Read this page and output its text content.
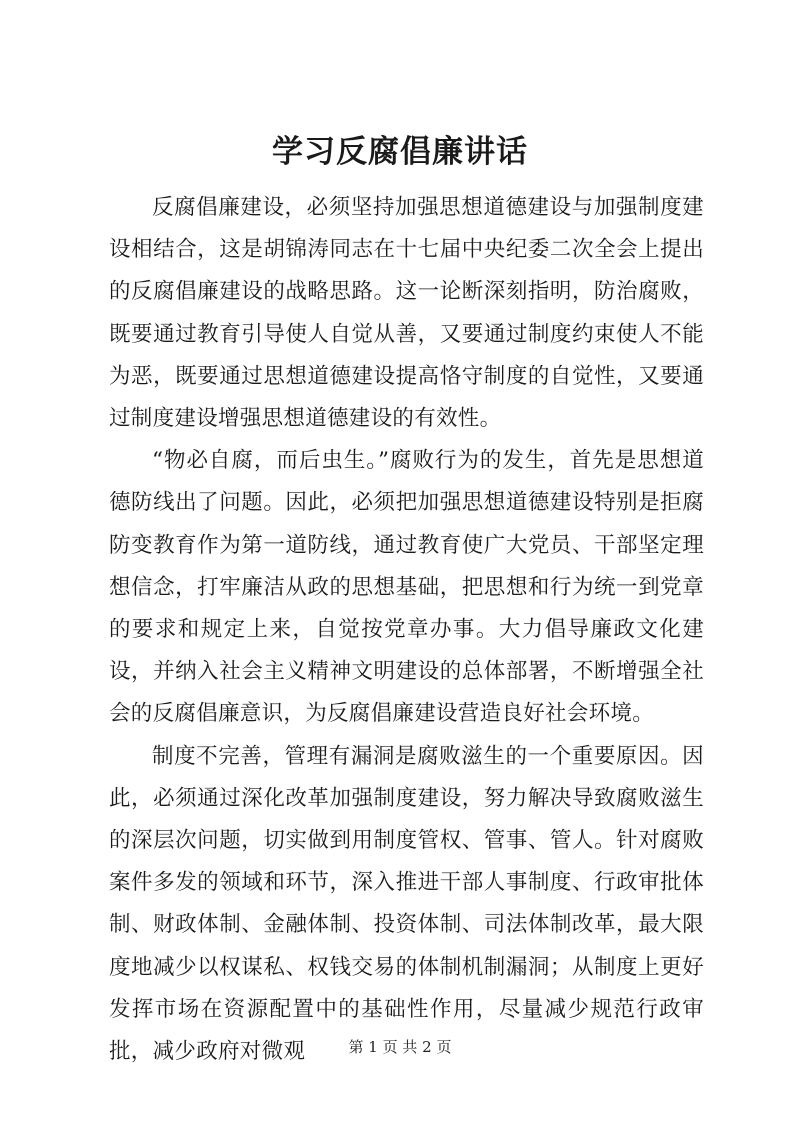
学习反腐倡廉讲话

反腐倡廉建设，必须坚持加强思想道德建设与加强制度建设相结合，这是胡锦涛同志在十七届中央纪委二次全会上提出的反腐倡廉建设的战略思路。这一论断深刻指明，防治腐败，既要通过教育引导使人自觉从善，又要通过制度约束使人不能为恶，既要通过思想道德建设提高恪守制度的自觉性，又要通过制度建设增强思想道德建设的有效性。

“物必自腐，而后虫生。”腐败行为的发生，首先是思想道德防线出了问题。因此，必须把加强思想道德建设特别是拒腐防变教育作为第一道防线，通过教育使广大党员、干部坚定理想信念，打牢廉洁从政的思想基础，把思想和行为统一到党章的要求和规定上来，自觉按党章办事。大力倡导廉政文化建设，并纳入社会主义精神文明建设的总体部署，不断增强全社会的反腐倡廉意识，为反腐倡廉建设营造良好社会环境。

制度不完善，管理有漏洞是腐败滋生的一个重要原因。因此，必须通过深化改革加强制度建设，努力解决导致腐败滋生的深层次问题，切实做到用制度管权、管事、管人。针对腐败案件多发的领域和环节，深入推进干部人事制度、行政审批体制、财政体制、金融体制、投资体制、司法体制改革，最大限度地减少以权谋私、权钱交易的体制机制漏洞；从制度上更好发挥市场在资源配置中的基础性作用，尽量减少规范行政审批，减少政府对微观	第 1 页 共 2 页
